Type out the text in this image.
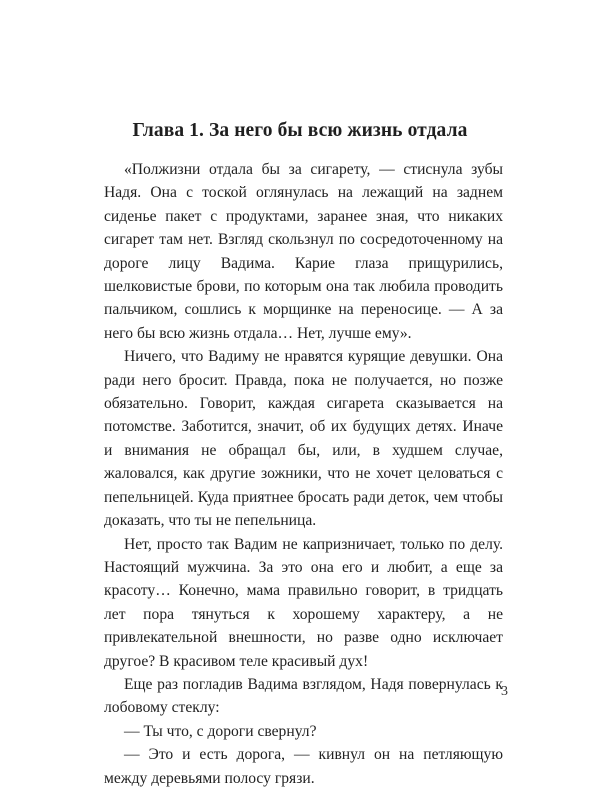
Глава 1. За него бы всю жизнь отдала

«Полжизни отдала бы за сигарету, — стиснула зубы Надя. Она с тоской оглянулась на лежащий на заднем сиденье пакет с продуктами, заранее зная, что никаких сигарет там нет. Взгляд скользнул по сосредоточенному на дороге лицу Вадима. Карие глаза прищурились, шелковистые брови, по которым она так любила проводить пальчиком, сошлись к морщинке на переносице. — А за него бы всю жизнь отдала… Нет, лучше ему».

Ничего, что Вадиму не нравятся курящие девушки. Она ради него бросит. Правда, пока не получается, но позже обязательно. Говорит, каждая сигарета сказывается на потомстве. Заботится, значит, об их будущих детях. Иначе и внимания не обращал бы, или, в худшем случае, жаловался, как другие зожники, что не хочет целоваться с пепельницей. Куда приятнее бросать ради деток, чем чтобы доказать, что ты не пепельница.

Нет, просто так Вадим не капризничает, только по делу. Настоящий мужчина. За это она его и любит, а еще за красоту… Конечно, мама правильно говорит, в тридцать лет пора тянуться к хорошему характеру, а не привлекательной внешности, но разве одно исключает другое? В красивом теле красивый дух!

Еще раз погладив Вадима взглядом, Надя повернулась к лобовому стеклу:

— Ты что, с дороги свернул?

— Это и есть дорога, — кивнул он на петляющую между деревьями полосу грязи.

3
